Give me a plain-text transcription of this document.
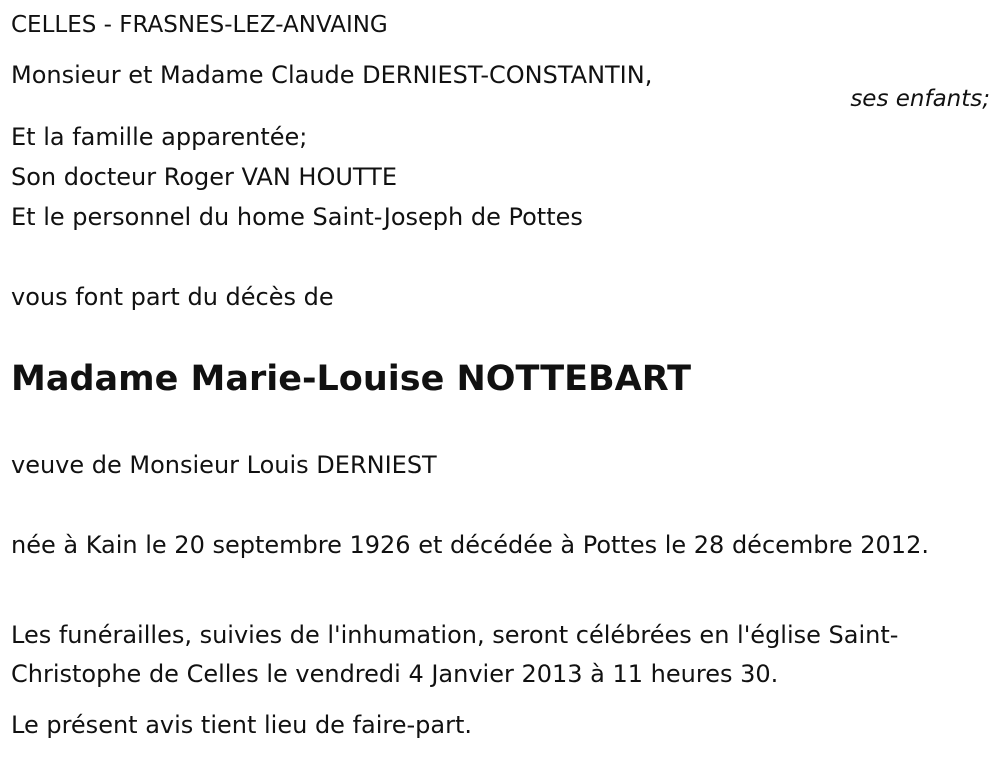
CELLES - FRASNES-LEZ-ANVAING
Monsieur et Madame Claude DERNIEST-CONSTANTIN,
ses enfants;
Et la famille apparentée;
Son docteur Roger VAN HOUTTE
Et le personnel du home Saint-Joseph de Pottes
vous font part du décès de
Madame Marie-Louise NOTTEBART
veuve de Monsieur Louis DERNIEST
née à Kain le 20 septembre 1926 et décédée à Pottes le 28 décembre 2012.
Les funérailles, suivies de l'inhumation, seront célébrées en l'église Saint-Christophe de Celles le vendredi 4 Janvier 2013 à 11 heures 30.
Le présent avis tient lieu de faire-part.
